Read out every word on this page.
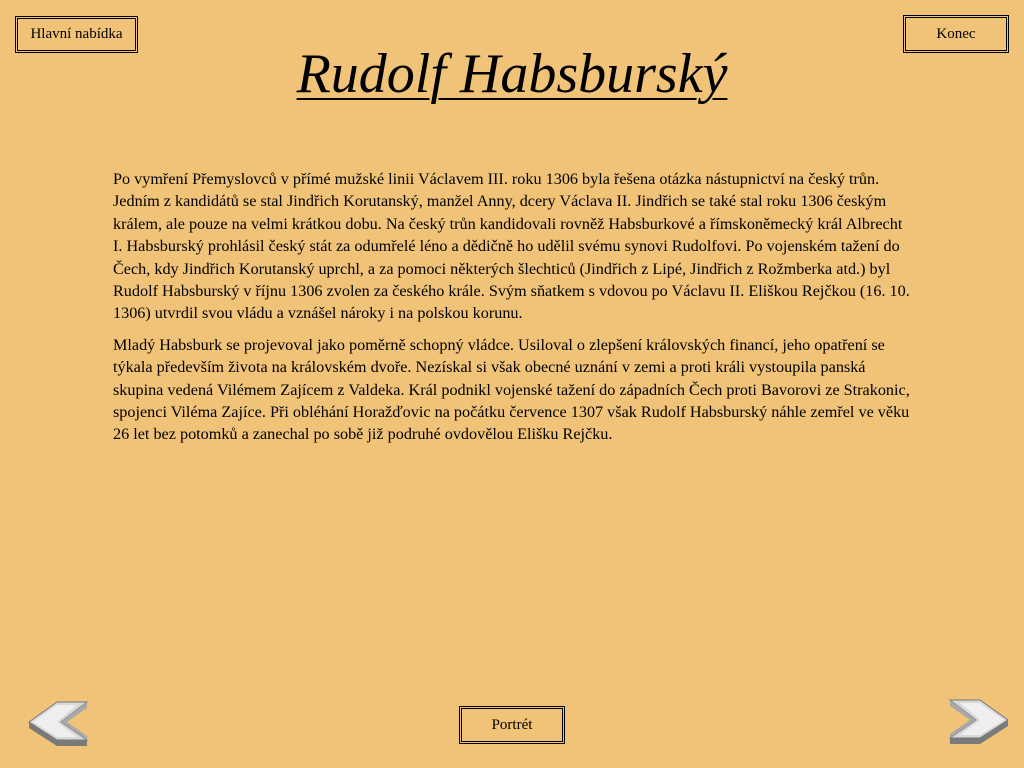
Hlavní nabídka	Konec
Rudolf Habsburský

Po vymření Přemyslovců v přímé mužské linii Václavem III. roku 1306 byla řešena otázka nástupnictví na český trůn. Jedním z kandidátů se stal Jindřich Korutanský, manžel Anny, dcery Václava II. Jindřich se také stal roku 1306 českým králem, ale pouze na velmi krátkou dobu. Na český trůn kandidovali rovněž Habsburkové a římskoněmecký král Albrecht I. Habsburský prohlásil český stát za odumřelé léno a dědičně ho udělil svému synovi Rudolfovi. Po vojenském tažení do Čech, kdy Jindřich Korutanský uprchl, a za pomoci některých šlechticů (Jindřich z Lipé, Jindřich z Rožmberka atd.) byl Rudolf Habsburský v říjnu 1306 zvolen za českého krále. Svým sňatkem s vdovou po Václavu II. Eliškou Rejčkou (16. 10. 1306) utvrdil svou vládu a vznášel nároky i na polskou korunu.

Mladý Habsburk se projevoval jako poměrně schopný vládce. Usiloval o zlepšení královských financí, jeho opatření se týkala především života na královském dvoře. Nezískal si však obecné uznání v zemi a proti králi vystoupila panská skupina vedená Vilémem Zajícem z Valdeka. Král podnikl vojenské tažení do západních Čech proti Bavorovi ze Strakonic, spojenci Viléma Zajíce. Při obléhání Horažďovic na počátku července 1307 však Rudolf Habsburský náhle zemřel ve věku 26 let bez potomků a zanechal po sobě již podruhé ovdovělou Elišku Rejčku.

Portrét
